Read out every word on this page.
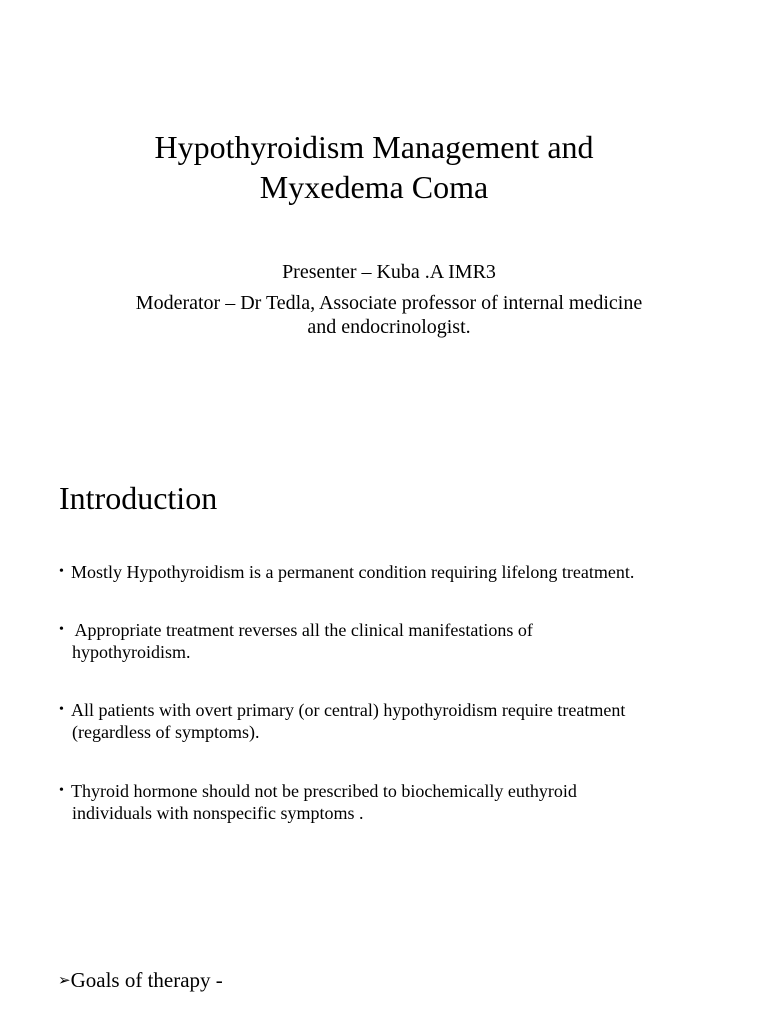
Hypothyroidism Management and
Myxedema Coma
Presenter – Kuba .A IMR3
Moderator – Dr Tedla, Associate professor of internal medicine
and endocrinologist.
Introduction
• Mostly Hypothyroidism is a permanent condition requiring lifelong treatment.
• Appropriate treatment reverses all the clinical manifestations of
hypothyroidism.
• All patients with overt primary (or central) hypothyroidism require treatment
(regardless of symptoms).
• Thyroid hormone should not be prescribed to biochemically euthyroid
individuals with nonspecific symptoms .
➢Goals of therapy -
